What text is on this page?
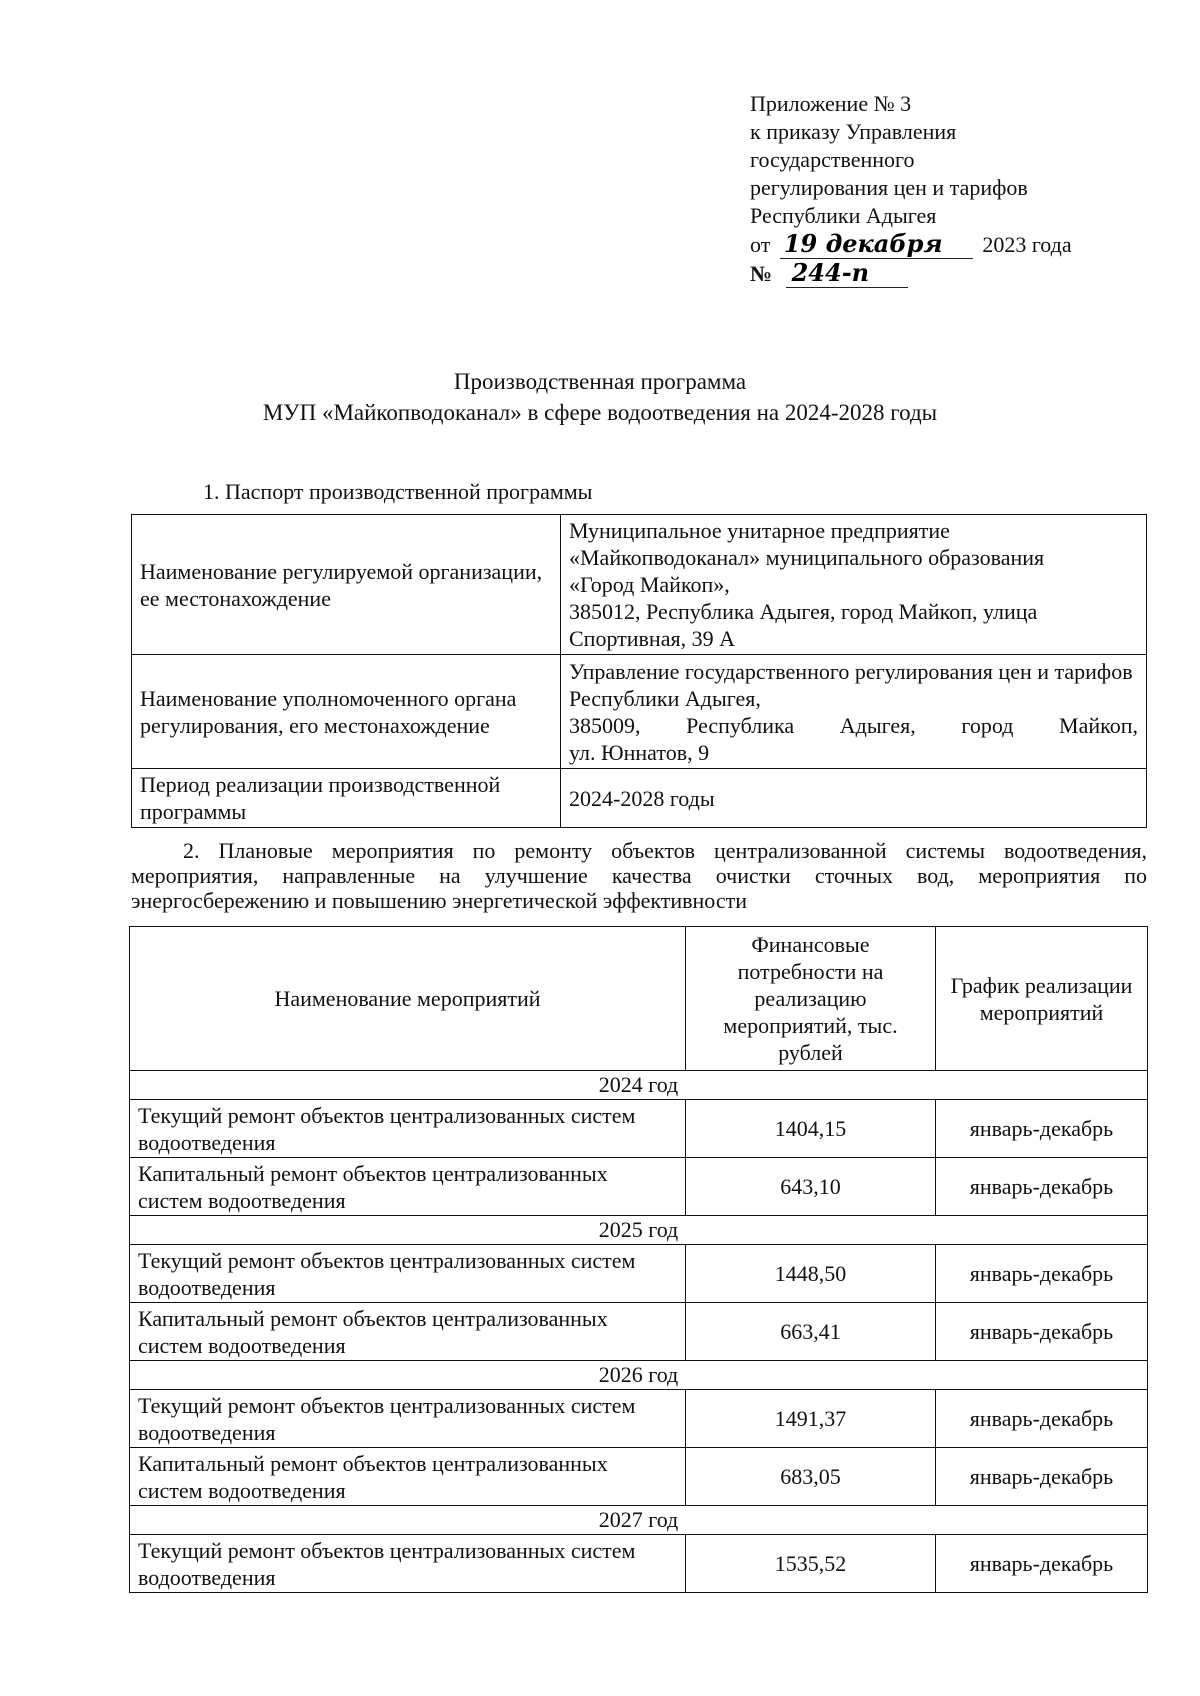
Приложение № 3
к приказу Управления
государственного
регулирования цен и тарифов
Республики Адыгея
от 19 декабря 2023 года
№ 244-п
Производственная программа
МУП «Майкопводоканал» в сфере водоотведения на 2024-2028 годы
1. Паспорт производственной программы
Наименование регулируемой организации, ее местонахождение	Муниципальное унитарное предприятие
«Майкопводоканал» муниципального образования
«Город Майкоп»,
385012, Республика Адыгея, город Майкоп, улица Спортивная, 39 А

Наименование уполномоченного органа регулирования, его местонахождение	Управление государственного регулирования цен и тарифов Республики Адыгея,
385009, Республика Адыгея, город Майкоп,
ул. Юннатов, 9

Период реализации производственной программы	2024-2028 годы
2. Плановые мероприятия по ремонту объектов централизованной системы водоотведения, мероприятия, направленные на улучшение качества очистки сточных вод, мероприятия по энергосбережению и повышению энергетической эффективности
Наименование мероприятий	Финансовые потребности на реализацию мероприятий, тыс. рублей	График реализации мероприятий
2024 год		
Текущий ремонт объектов централизованных систем водоотведения	1404,15	январь-декабрь
Капитальный ремонт объектов централизованных систем водоотведения	643,10	январь-декабрь
2025 год		
Текущий ремонт объектов централизованных систем водоотведения	1448,50	январь-декабрь
Капитальный ремонт объектов централизованных систем водоотведения	663,41	январь-декабрь
2026 год		
Текущий ремонт объектов централизованных систем водоотведения	1491,37	январь-декабрь
Капитальный ремонт объектов централизованных систем водоотведения	683,05	январь-декабрь
2027 год		
Текущий ремонт объектов централизованных систем водоотведения	1535,52	январь-декабрь
